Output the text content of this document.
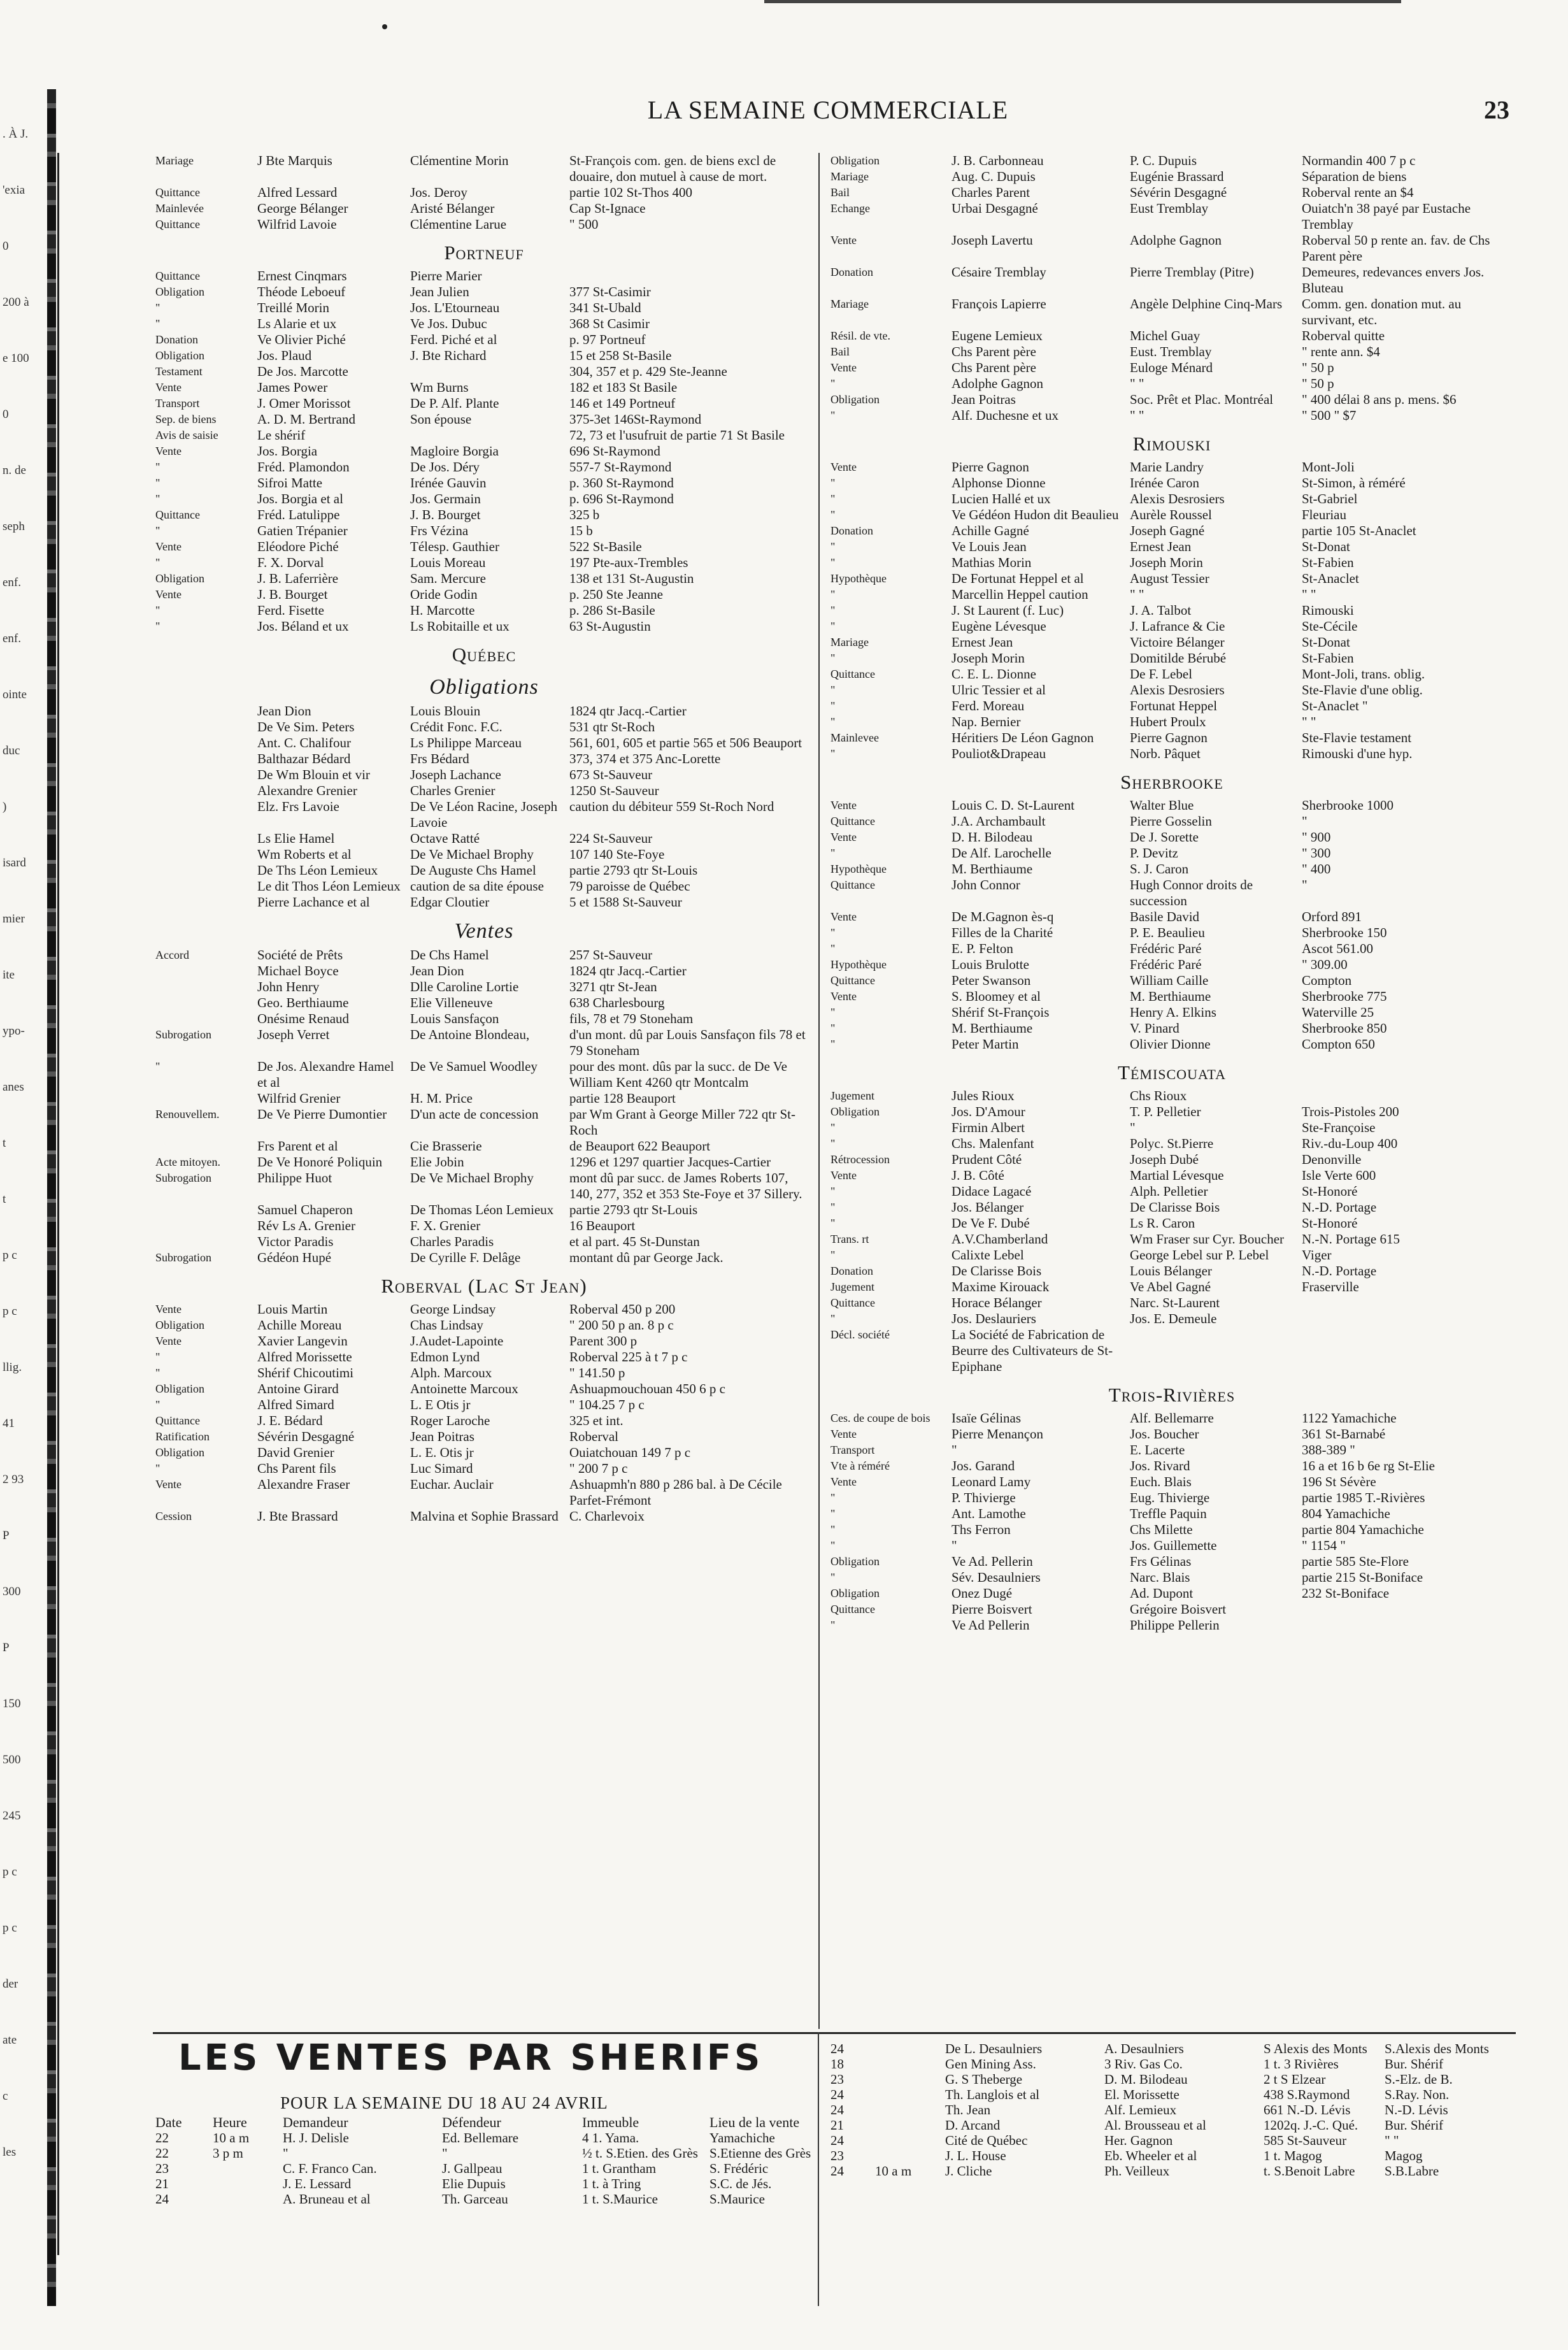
. À J.
'exia
0
200 à
e 100
0
n. de
seph
enf.
enf.
ointe
duc
)
isard
mier
ite
ypo-
anes
t
t
p c
p c
llig.
41
2 93
P
300
P
150
500
245
p c
p c
der
ate
c
les
LA SEMAINE COMMERCIALE	23
Mariage	J Bte Marquis	Clémentine Morin	St-François com. gen. de biens excl de douaire, don mutuel à cause de mort.
Quittance	Alfred Lessard	Jos. Deroy	partie 102 St-Thos 400
Mainlevée	George Bélanger	Aristé Bélanger	Cap St-Ignace
Quittance	Wilfrid Lavoie	Clémentine Larue	" 500
Portneuf
Quittance	Ernest Cinqmars	Pierre Marier	
Obligation	Théode Leboeuf	Jean Julien	377 St-Casimir
"	Treillé Morin	Jos. L'Etourneau	341 St-Ubald
"	Ls Alarie et ux	Ve Jos. Dubuc	368 St Casimir
Donation	Ve Olivier Piché	Ferd. Piché et al	p. 97 Portneuf
Obligation	Jos. Plaud	J. Bte Richard	15 et 258 St-Basile
Testament	De Jos. Marcotte		304, 357 et p. 429 Ste-Jeanne
Vente	James Power	Wm Burns	182 et 183 St Basile
Transport	J. Omer Morissot	De P. Alf. Plante	146 et 149 Portneuf
Sep. de biens	A. D. M. Bertrand	Son épouse	375-3et 146St-Raymond
Avis de saisie	Le shérif		72, 73 et l'usufruit de partie 71 St Basile
Vente	Jos. Borgia	Magloire Borgia	696 St-Raymond
"	Fréd. Plamondon	De Jos. Déry	557-7 St-Raymond
"	Sifroi Matte	Irénée Gauvin	p. 360 St-Raymond
"	Jos. Borgia et al	Jos. Germain	p. 696 St-Raymond
Quittance	Fréd. Latulippe	J. B. Bourget	325 b
"	Gatien Trépanier	Frs Vézina	15 b
Vente	Eléodore Piché	Télesp. Gauthier	522 St-Basile
"	F. X. Dorval	Louis Moreau	197 Pte-aux-Trembles
Obligation	J. B. Laferrière	Sam. Mercure	138 et 131 St-Augustin
Vente	J. B. Bourget	Oride Godin	p. 250 Ste Jeanne
"	Ferd. Fisette	H. Marcotte	p. 286 St-Basile
"	Jos. Béland et ux	Ls Robitaille et ux	63 St-Augustin
Québec
Obligations
	Jean Dion	Louis Blouin	1824 qtr Jacq.-Cartier
	De Ve Sim. Peters	Crédit Fonc. F.C.	531 qtr St-Roch
	Ant. C. Chalifour	Ls Philippe Marceau	561, 601, 605 et partie 565 et 506 Beauport
	Balthazar Bédard	Frs Bédard	373, 374 et 375 Anc-Lorette
	De Wm Blouin et vir	Joseph Lachance	673 St-Sauveur
	Alexandre Grenier	Charles Grenier	1250 St-Sauveur
	Elz. Frs Lavoie	De Ve Léon Racine, Joseph Lavoie	caution du débiteur 559 St-Roch Nord
	Ls Elie Hamel	Octave Ratté	224 St-Sauveur
	Wm Roberts et al	De Ve Michael Brophy	107 140 Ste-Foye
	De Ths Léon Lemieux	De Auguste Chs Hamel	partie 2793 qtr St-Louis
	Le dit Thos Léon Lemieux	caution de sa dite épouse	79 paroisse de Québec
	Pierre Lachance et al	Edgar Cloutier	5 et 1588 St-Sauveur
Ventes
Accord	Société de Prêts	De Chs Hamel	257 St-Sauveur
	Michael Boyce	Jean Dion	1824 qtr Jacq.-Cartier
	John Henry	Dlle Caroline Lortie	3271 qtr St-Jean
	Geo. Berthiaume	Elie Villeneuve	638 Charlesbourg
	Onésime Renaud	Louis Sansfaçon	fils, 78 et 79 Stoneham
Subrogation	Joseph Verret	De Antoine Blondeau,	d'un mont. dû par Louis Sansfaçon fils 78 et 79 Stoneham
"	De Jos. Alexandre Hamel et al	De Ve Samuel Woodley	pour des mont. dûs par la succ. de De Ve William Kent 4260 qtr Montcalm
	Wilfrid Grenier	H. M. Price	partie 128 Beauport
Renouvellem.	De Ve Pierre Dumontier	D'un acte de concession	par Wm Grant à George Miller 722 qtr St-Roch
	Frs Parent et al	Cie Brasserie	de Beauport 622 Beauport
Acte mitoyen.	De Ve Honoré Poliquin	Elie Jobin	1296 et 1297 quartier Jacques-Cartier
Subrogation	Philippe Huot	De Ve Michael Brophy	mont dû par succ. de James Roberts 107, 140, 277, 352 et 353 Ste-Foye et 37 Sillery.
	Samuel Chaperon	De Thomas Léon Lemieux	partie 2793 qtr St-Louis
	Rév Ls A. Grenier	F. X. Grenier	16 Beauport
	Victor Paradis	Charles Paradis	et al part. 45 St-Dunstan
Subrogation	Gédéon Hupé	De Cyrille F. Delâge	montant dû par George Jack.
Roberval (Lac St Jean)
Vente	Louis Martin	George Lindsay	Roberval 450 p 200
Obligation	Achille Moreau	Chas Lindsay	" 200 50 p an. 8 p c
Vente	Xavier Langevin	J.Audet-Lapointe	Parent 300 p
"	Alfred Morissette	Edmon Lynd	Roberval 225 à t 7 p c
"	Shérif Chicoutimi	Alph. Marcoux	" 141.50 p
Obligation	Antoine Girard	Antoinette Marcoux	Ashuapmouchouan 450 6 p c
"	Alfred Simard	L. E Otis jr	" 104.25 7 p c
Quittance	J. E. Bédard	Roger Laroche	325 et int.
Ratification	Sévérin Desgagné	Jean Poitras	Roberval
Obligation	David Grenier	L. E. Otis jr	Ouiatchouan 149 7 p c
"	Chs Parent fils	Luc Simard	" 200 7 p c
Vente	Alexandre Fraser	Euchar. Auclair	Ashuapmh'n 880 p 286 bal. à De Cécile Parfet-Frémont
Cession	J. Bte Brassard	Malvina et Sophie Brassard	C. Charlevoix
Obligation	J. B. Carbonneau	P. C. Dupuis	Normandin 400 7 p c
Mariage	Aug. C. Dupuis	Eugénie Brassard	Séparation de biens
Bail	Charles Parent	Sévérin Desgagné	Roberval rente an $4
Echange	Urbai Desgagné	Eust Tremblay	Ouiatch'n 38 payé par Eustache Tremblay
Vente	Joseph Lavertu	Adolphe Gagnon	Roberval 50 p rente an. fav. de Chs Parent père
Donation	Césaire Tremblay	Pierre Tremblay (Pitre)	Demeures, redevances envers Jos. Bluteau
Mariage	François Lapierre	Angèle Delphine Cinq-Mars	Comm. gen. donation mut. au survivant, etc.
Résil. de vte.	Eugene Lemieux	Michel Guay	Roberval quitte
Bail	Chs Parent père	Eust. Tremblay	" rente ann. $4
Vente	Chs Parent père	Euloge Ménard	" 50 p
"	Adolphe Gagnon	" "	" 50 p
Obligation	Jean Poitras	Soc. Prêt et Plac. Montréal	" 400 délai 8 ans p. mens. $6
"	Alf. Duchesne et ux	" "	" 500 " $7
Rimouski
Vente	Pierre Gagnon	Marie Landry	Mont-Joli
"	Alphonse Dionne	Irénée Caron	St-Simon, à réméré
"	Lucien Hallé et ux	Alexis Desrosiers	St-Gabriel
"	Ve Gédéon Hudon dit Beaulieu	Aurèle Roussel	Fleuriau
Donation	Achille Gagné	Joseph Gagné	partie 105 St-Anaclet
"	Ve Louis Jean	Ernest Jean	St-Donat
"	Mathias Morin	Joseph Morin	St-Fabien
Hypothèque	De Fortunat Heppel et al	August Tessier	St-Anaclet
"	Marcellin Heppel caution	" "	" "
"	J. St Laurent (f. Luc)	J. A. Talbot	Rimouski
"	Eugène Lévesque	J. Lafrance & Cie	Ste-Cécile
Mariage	Ernest Jean	Victoire Bélanger	St-Donat
"	Joseph Morin	Domitilde Bérubé	St-Fabien
Quittance	C. E. L. Dionne	De F. Lebel	Mont-Joli, trans. oblig.
"	Ulric Tessier et al	Alexis Desrosiers	Ste-Flavie d'une oblig.
"	Ferd. Moreau	Fortunat Heppel	St-Anaclet "
"	Nap. Bernier	Hubert Proulx	" "
Mainlevee	Héritiers De Léon Gagnon	Pierre Gagnon	Ste-Flavie testament
"	Pouliot&Drapeau	Norb. Pâquet	Rimouski d'une hyp.
Sherbrooke
Vente	Louis C. D. St-Laurent	Walter Blue	Sherbrooke 1000
Quittance	J.A. Archambault	Pierre Gosselin	"
Vente	D. H. Bilodeau	De J. Sorette	" 900
"	De Alf. Larochelle	P. Devitz	" 300
Hypothèque	M. Berthiaume	S. J. Caron	" 400
Quittance	John Connor	Hugh Connor droits de succession	"
Vente	De M.Gagnon ès-q	Basile David	Orford 891
"	Filles de la Charité	P. E. Beaulieu	Sherbrooke 150
"	E. P. Felton	Frédéric Paré	Ascot 561.00
Hypothèque	Louis Brulotte	Frédéric Paré	" 309.00
Quittance	Peter Swanson	William Caille	Compton
Vente	S. Bloomey et al	M. Berthiaume	Sherbrooke 775
"	Shérif St-François	Henry A. Elkins	Waterville 25
"	M. Berthiaume	V. Pinard	Sherbrooke 850
"	Peter Martin	Olivier Dionne	Compton 650
Témiscouata
Jugement	Jules Rioux	Chs Rioux	
Obligation	Jos. D'Amour	T. P. Pelletier	Trois-Pistoles 200
"	Firmin Albert	"	Ste-Françoise
"	Chs. Malenfant	Polyc. St.Pierre	Riv.-du-Loup 400
Rétrocession	Prudent Côté	Joseph Dubé	Denonville
Vente	J. B. Côté	Martial Lévesque	Isle Verte 600
"	Didace Lagacé	Alph. Pelletier	St-Honoré
"	Jos. Bélanger	De Clarisse Bois	N.-D. Portage
"	De Ve F. Dubé	Ls R. Caron	St-Honoré
Trans. rt	A.V.Chamberland	Wm Fraser sur Cyr. Boucher	N.-N. Portage 615
"	Calixte Lebel	George Lebel sur P. Lebel	Viger
Donation	De Clarisse Bois	Louis Bélanger	N.-D. Portage
Jugement	Maxime Kirouack	Ve Abel Gagné	Fraserville
Quittance	Horace Bélanger	Narc. St-Laurent	
"	Jos. Deslauriers	Jos. E. Demeule	
Décl. société	La Société de Fabrication de Beurre des Cultivateurs de St-Epiphane		
Trois-Rivières
Ces. de coupe de bois	Isaïe Gélinas	Alf. Bellemarre	1122 Yamachiche
Vente	Pierre Menançon	Jos. Boucher	361 St-Barnabé
Transport	"	E. Lacerte	388-389 "
Vte à réméré	Jos. Garand	Jos. Rivard	16 a et 16 b 6e rg St-Elie
Vente	Leonard Lamy	Euch. Blais	196 St Sévère
"	P. Thivierge	Eug. Thivierge	partie 1985 T.-Rivières
"	Ant. Lamothe	Treffle Paquin	804 Yamachiche
"	Ths Ferron	Chs Milette	partie 804 Yamachiche
"	"	Jos. Guillemette	" 1154 "
Obligation	Ve Ad. Pellerin	Frs Gélinas	partie 585 Ste-Flore
"	Sév. Desaulniers	Narc. Blais	partie 215 St-Boniface
Obligation	Onez Dugé	Ad. Dupont	232 St-Boniface
Quittance	Pierre Boisvert	Grégoire Boisvert	
"	Ve Ad Pellerin	Philippe Pellerin	
LES VENTES PAR SHERIFS
POUR LA SEMAINE DU 18 AU 24 AVRIL
Date	Heure	Demandeur	Défendeur	Immeuble	Lieu de la vente
22	10 a m	H. J. Delisle	Ed. Bellemare	4 1. Yama.	Yamachiche
22	3 p m	"	"	½ t. S.Etien. des Grès	S.Etienne des Grès
23		C. F. Franco Can.	J. Gallpeau	1 t. Grantham	S. Frédéric
21		J. E. Lessard	Elie Dupuis	1 t. à Tring	S.C. de Jés.
24		A. Bruneau et al	Th. Garceau	1 t. S.Maurice	S.Maurice
24		De L. Desaulniers	A. Desaulniers	S Alexis des Monts	S.Alexis des Monts
18		Gen Mining Ass.	3 Riv. Gas Co.	1 t. 3 Rivières	Bur. Shérif
23		G. S Theberge	D. M. Bilodeau	2 t S Elzear	S.-Elz. de B.
24		Th. Langlois et al	El. Morissette	438 S.Raymond	S.Ray. Non.
24		Th. Jean	Alf. Lemieux	661 N.-D. Lévis	N.-D. Lévis
21		D. Arcand	Al. Brousseau et al	1202q. J.-C. Qué.	Bur. Shérif
24		Cité de Québec	Her. Gagnon	585 St-Sauveur	" "
23		J. L. House	Eb. Wheeler et al	1 t. Magog	Magog
24	10 a m	J. Cliche	Ph. Veilleux	t. S.Benoit Labre	S.B.Labre
